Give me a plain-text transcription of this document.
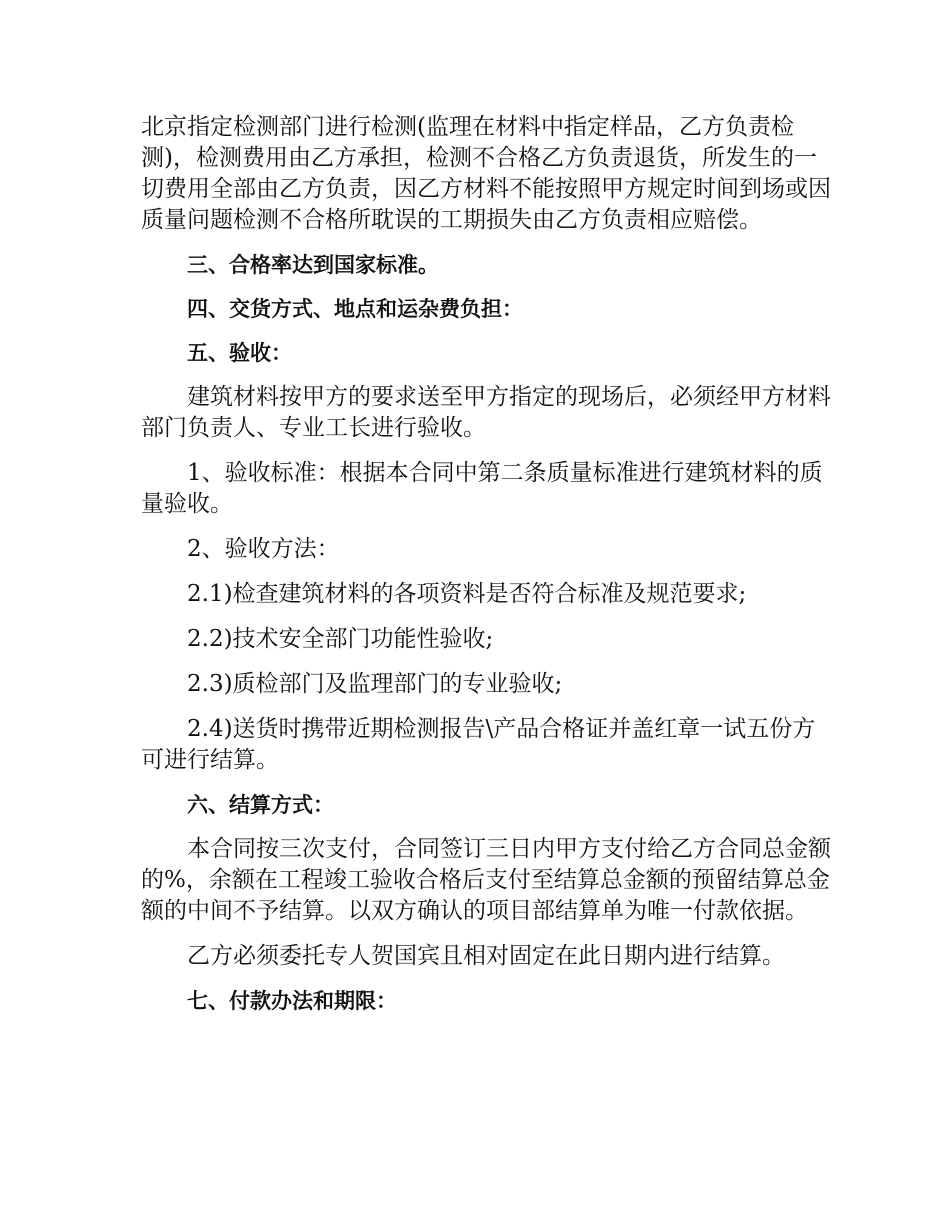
北京指定检测部门进行检测(监理在材料中指定样品，乙方负责检测)，检测费用由乙方承担，检测不合格乙方负责退货，所发生的一切费用全部由乙方负责，因乙方材料不能按照甲方规定时间到场或因质量问题检测不合格所耽误的工期损失由乙方负责相应赔偿。

三、合格率达到国家标准。

四、交货方式、地点和运杂费负担：

五、验收：

建筑材料按甲方的要求送至甲方指定的现场后，必须经甲方材料部门负责人、专业工长进行验收。

1、验收标准：根据本合同中第二条质量标准进行建筑材料的质量验收。

2、验收方法：

2.1)检查建筑材料的各项资料是否符合标准及规范要求;

2.2)技术安全部门功能性验收;

2.3)质检部门及监理部门的专业验收;

2.4)送货时携带近期检测报告\产品合格证并盖红章一试五份方可进行结算。

六、结算方式：

本合同按三次支付，合同签订三日内甲方支付给乙方合同总金额的%，余额在工程竣工验收合格后支付至结算总金额的预留结算总金额的中间不予结算。以双方确认的项目部结算单为唯一付款依据。

乙方必须委托专人贺国宾且相对固定在此日期内进行结算。

七、付款办法和期限：
